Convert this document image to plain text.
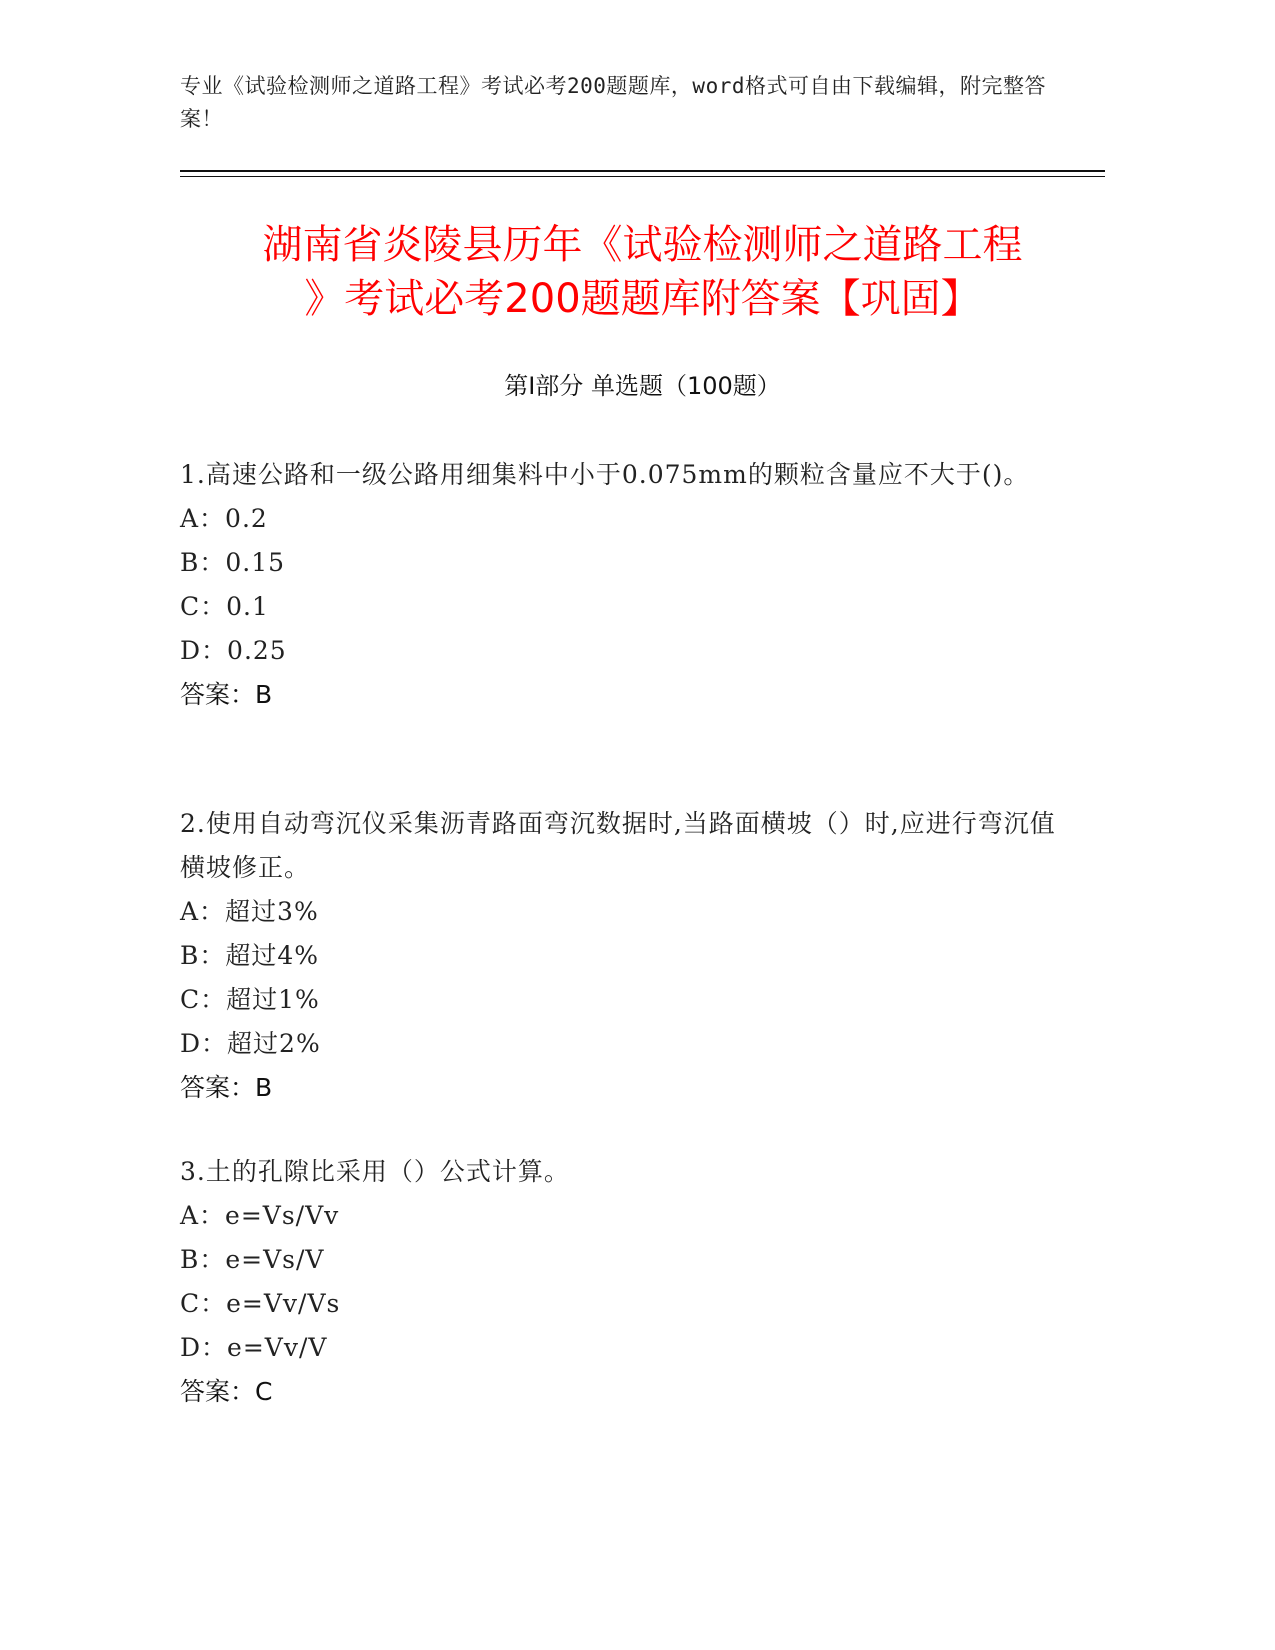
专业《试验检测师之道路工程》考试必考200题题库，word格式可自由下载编辑，附完整答案！
湖南省炎陵县历年《试验检测师之道路工程
》考试必考200题题库附答案【巩固】
第I部分 单选题（100题）

1.高速公路和一级公路用细集料中小于0.075mm的颗粒含量应不大于()。

A：0.2

B：0.15

C：0.1

D：0.25

答案：B

2.使用自动弯沉仪采集沥青路面弯沉数据时,当路面横坡（）时,应进行弯沉值横坡修正。

A：超过3%

B：超过4%

C：超过1%

D：超过2%

答案：B

3.土的孔隙比采用（）公式计算。

A：e=Vs/Vv

B：e=Vs/V

C：e=Vv/Vs

D：e=Vv/V

答案：C
